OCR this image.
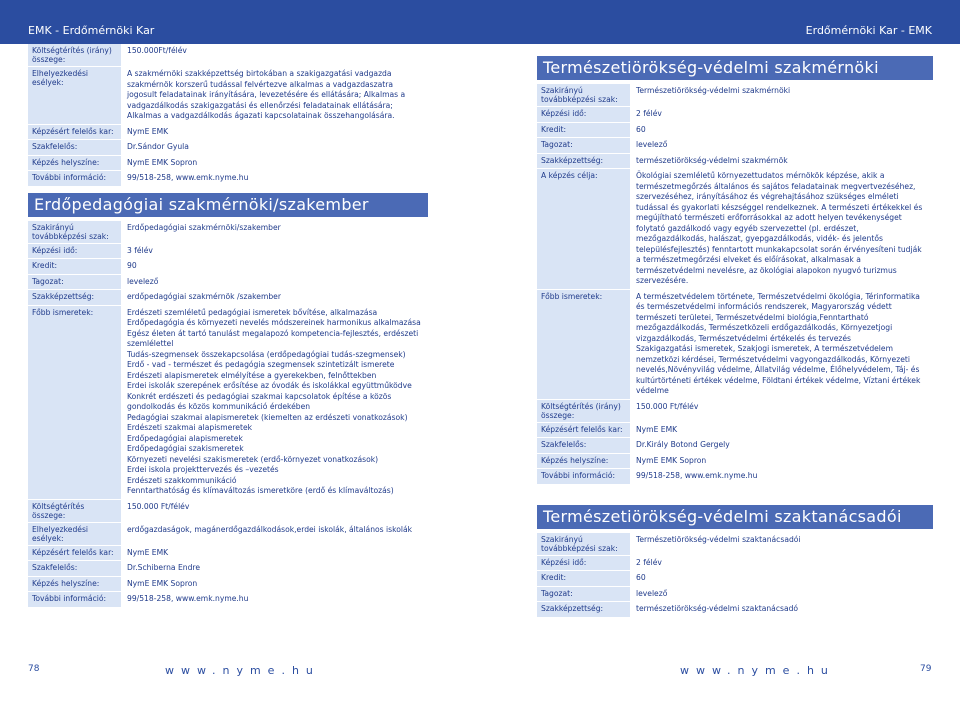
EMK - Erdőmérnöki Kar	Erdőmérnöki Kar - EMK
Költségtérítés (irány) összege:
150.000Ft/félév
Elhelyezkedési esélyek:
A szakmérnöki szakképzettség birtokában a szakigazgatási vadgazda szakmérnök korszerű tudással felvértezve alkalmas a vadgazdaszatra jogosult feladatainak irányítására, levezetésére és ellátására; Alkalmas a vadgazdálkodás szakigazgatási és ellenőrzési feladatainak ellátására; Alkalmas a vadgazdálkodás ágazati kapcsolatainak összehangolására.
Képzésért felelős kar:	NymE EMK
Szakfelelős:	Dr.Sándor Gyula
Képzés helyszíne:	NymE EMK Sopron
További információ:	99/518-258, www.emk.nyme.hu
Erdőpedagógiai szakmérnöki/szakember
Szakirányú továbbképzési szak:
Erdőpedagógiai szakmérnöki/szakember
Képzési idő:	3 félév
Kredit:	90
Tagozat:	levelező
Szakképzettség:	erdőpedagógiai szakmérnök /szakember
Főbb ismeretek:	Erdészeti szemléletű pedagógiai ismeretek bővítése, alkalmazása
Erdőpedagógia és környezeti nevelés módszereinek harmonikus alkalmazása
Egész életen át tartó tanulást megalapozó kompetencia-fejlesztés, erdészeti szemlélettel
Tudás-szegmensek összekapcsolása (erdőpedagógiai tudás-szegmensek)
Erdő - vad - természet és pedagógia szegmensek szintetizált ismerete
Erdészeti alapismeretek elmélyítése a gyerekekben, felnőttekben
Erdei iskolák szerepének erősítése az óvodák és iskolákkal együttműködve
Konkrét erdészeti és pedagógiai szakmai kapcsolatok építése a közös gondolkodás és közös kommunikáció érdekében
Pedagógiai szakmai alapismeretek (kiemelten az erdészeti vonatkozások)
Erdészeti szakmai alapismeretek
Erdőpedagógiai alapismeretek
Erdőpedagógiai szakismeretek
Környezeti nevelési szakismeretek (erdő-környezet vonatkozások)
Erdei iskola projekttervezés és –vezetés
Erdészeti szakkommunikáció
Fenntarthatóság és klímaváltozás ismeretköre (erdő és klímaváltozás)
Költségtérítés összege:
150.000 Ft/félév
Elhelyezkedési esélyek:
erdőgazdaságok, magánerdőgazdálkodások,erdei iskolák, általános iskolák
Képzésért felelős kar:	NymE EMK
Szakfelelős:	Dr.Schiberna Endre
Képzés helyszíne:	NymE EMK Sopron
További információ:	99/518-258, www.emk.nyme.hu
Természetiörökség-védelmi szakmérnöki
Szakirányú továbbképzési szak:
Természetiörökség-védelmi szakmérnöki
Képzési idő:	2 félév
Kredit:	60
Tagozat:	levelező
Szakképzettség:	természetiörökség-védelmi szakmérnök
A képzés célja:	Ökológiai szemléletű környezettudatos mérnökök képzése, akik a természetmegőrzés általános és sajátos feladatainak megvertvezéséhez, szervezéséhez, irányításához és végrehajtásához szükséges elméleti tudással és gyakorlati készséggel rendelkeznek. A természeti értékekkel és megújítható természeti erőforrásokkal az adott helyen tevékenységet folytató gazdálkodó vagy egyéb szervezettel (pl. erdészet, mezőgazdálkodás, halászat, gyepgazdálkodás, vidék- és jelentős településfejlesztés) fenntartott munkakapcsolat során érvényesíteni tudják a természetmegőrzési elveket és előírásokat, alkalmasak a természetvédelmi nevelésre, az ökológiai alapokon nyugvó turizmus szervezésére.
Főbb ismeretek:	A természetvédelem története, Természetvédelmi ökológia, Térinformatika és természetvédelmi információs rendszerek, Magyarország védett természeti területei, Természetvédelmi biológia,Fenntartható mezőgazdálkodás, Természetközeli erdőgazdálkodás, Környezetjogi vizgazdálkodás, Természetvédelmi értékelés és tervezés
Szakigazgatási ismeretek, Szakjogi ismeretek, A természetvédelem nemzetközi kérdései, Természetvédelmi vagyongazdálkodás, Környezeti nevelés,Növényvilág védelme, Állatvilág védelme, Élőhelyvédelem, Táj- és kultúrtörténeti értékek védelme, Földtani értékek védelme, Víztani értékek védelme
Költségtérítés (irány) összege:
150.000 Ft/félév
Képzésért felelős kar:	NymE EMK
Szakfelelős:	Dr.Király Botond Gergely
Képzés helyszíne:	NymE EMK Sopron
További információ:	99/518-258, www.emk.nyme.hu
Természetiörökség-védelmi szaktanácsadói
Szakirányú továbbképzési szak:
Természetiörökség-védelmi szaktanácsadói
Képzési idő:	2 félév
Kredit:	60
Tagozat:	levelező
Szakképzettség:	természetiörökség-védelmi szaktanácsadó
78	www.nyme.hu	www.nyme.hu	79
